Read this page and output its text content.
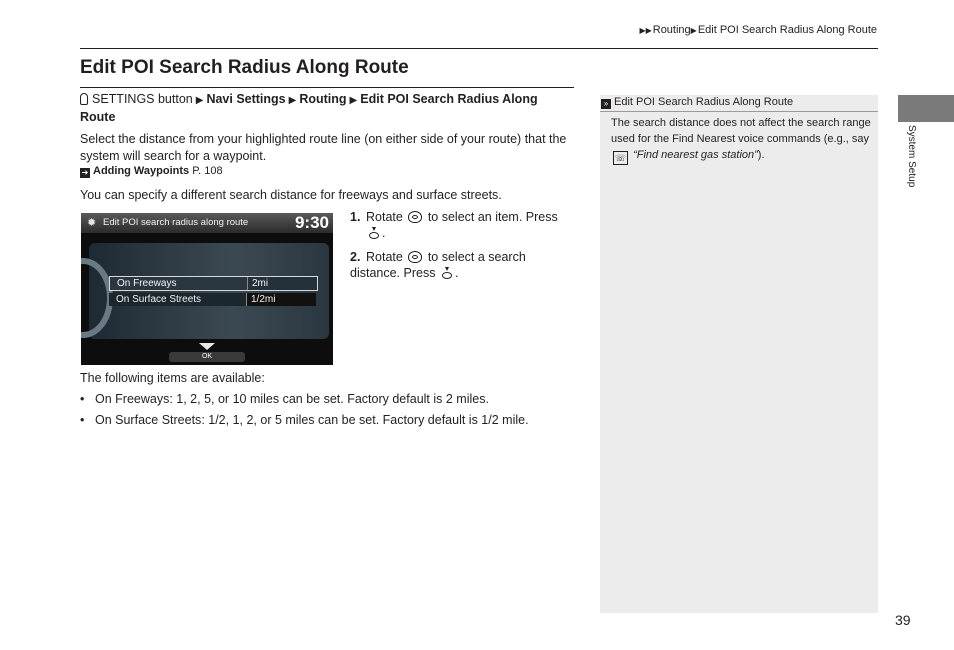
▶▶Routing▶Edit POI Search Radius Along Route
Edit POI Search Radius Along Route
SETTINGS button ▶ Navi Settings ▶ Routing ▶ Edit POI Search Radius Along Route
Select the distance from your highlighted route line (on either side of your route) that the system will search for a waypoint.
➔ Adding Waypoints P. 108
You can specify a different search distance for freeways and surface streets.
✹ Edit POI search radius along route	9:30
On Freeways	2mi
On Surface Streets	1/2mi
OK
1. Rotate to select an item. Press
.
2. Rotate to select a search distance. Press .
The following items are available:
• On Freeways: 1, 2, 5, or 10 miles can be set. Factory default is 2 miles.
• On Surface Streets: 1/2, 1, 2, or 5 miles can be set. Factory default is 1/2 mile.
» Edit POI Search Radius Along Route
The search distance does not affect the search range used for the Find Nearest voice commands (e.g., say ☏ “Find nearest gas station”).	System Setup
39
